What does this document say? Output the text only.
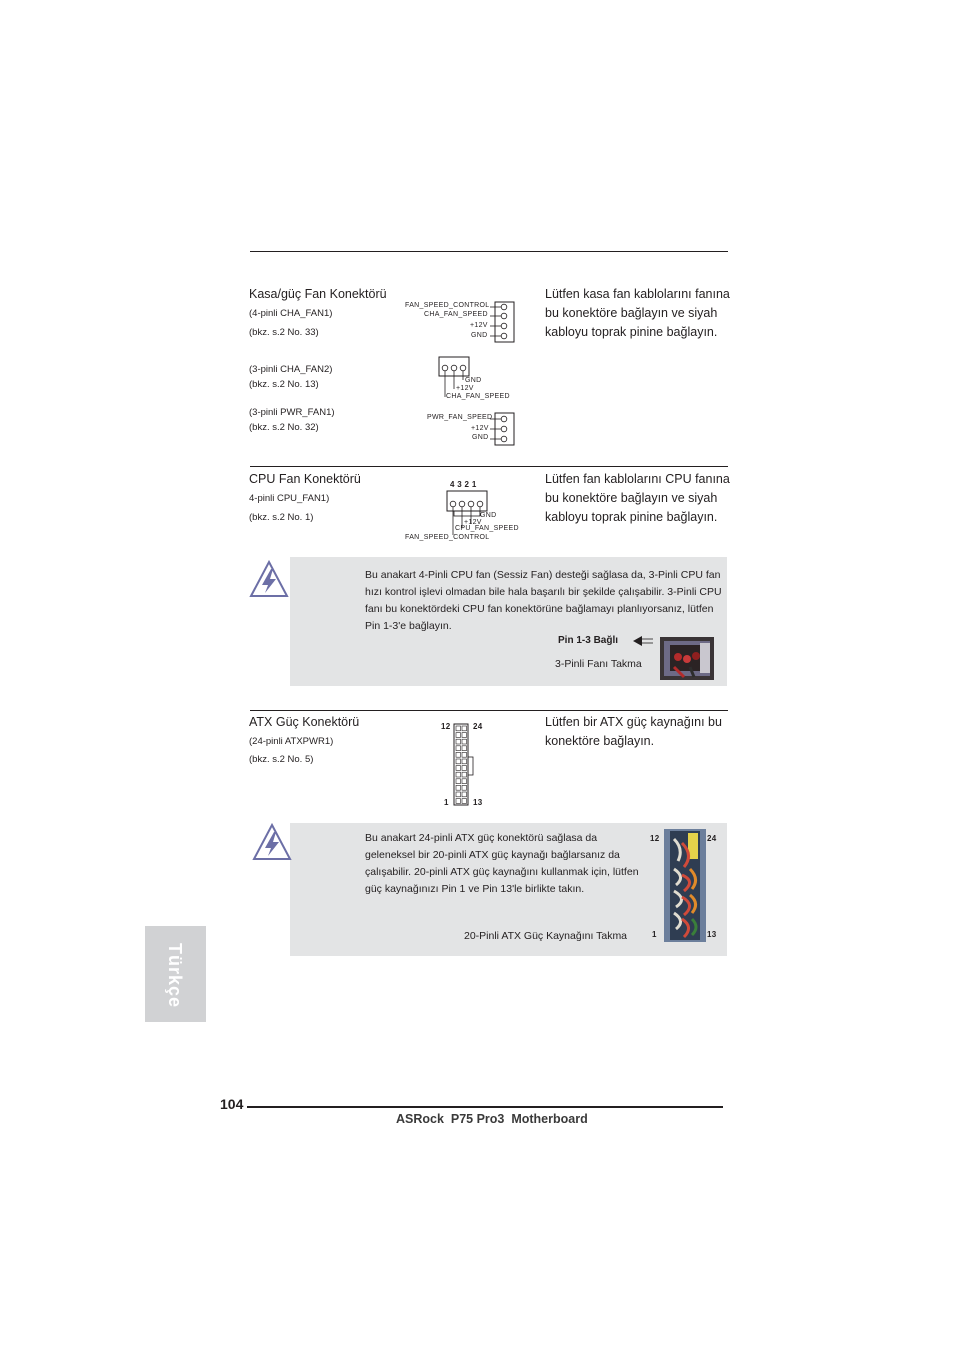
Kasa/güç Fan Konektörü
(4-pinli CHA_FAN1)
(bkz. s.2 No. 33)
(3-pinli CHA_FAN2)
(bkz. s.2 No. 13)
(3-pinli PWR_FAN1)
(bkz. s.2 No. 32)
Lütfen kasa fan kablolarını fanına bu konektöre bağlayın ve siyah kabloyu toprak pinine bağlayın.
FAN_SPEED_CONTROL
CHA_FAN_SPEED
+12V
GND
GND
+12V
CHA_FAN_SPEED
PWR_FAN_SPEED
+12V
GND
CPU Fan Konektörü
4-pinli CPU_FAN1)
(bkz. s.2 No. 1)
Lütfen fan kablolarını CPU fanına bu konektöre bağlayın ve siyah kabloyu toprak pinine bağlayın.
4 3 2 1
GND
+12V
CPU_FAN_SPEED
FAN_SPEED_CONTROL
Bu anakart 4-Pinli CPU fan (Sessiz Fan) desteği sağlasa da, 3-Pinli CPU fan hızı kontrol işlevi olmadan bile hala başarılı bir şekilde çalışabilir. 3-Pinli CPU fanı bu konektördeki CPU fan konektörüne bağlamayı planlıyorsanız, lütfen Pin 1-3'e bağlayın.
Pin 1-3 Bağlı
3-Pinli Fanı Takma
ATX Güç Konektörü
(24-pinli ATXPWR1)
(bkz. s.2 No. 5)
Lütfen bir ATX güç kaynağını bu konektöre bağlayın.
12	24
1	13
Bu anakart 24-pinli ATX güç konektörü sağlasa da geleneksel bir 20-pinli ATX güç kaynağı bağlarsanız da çalışabilir. 20-pinli ATX güç kaynağını kullanmak için, lütfen güç kaynağınızı Pin 1 ve Pin 13'le birlikte takın.
20-Pinli ATX Güç Kaynağını Takma
12	24
1	13
Türkçe
104
ASRock  P75 Pro3  Motherboard
